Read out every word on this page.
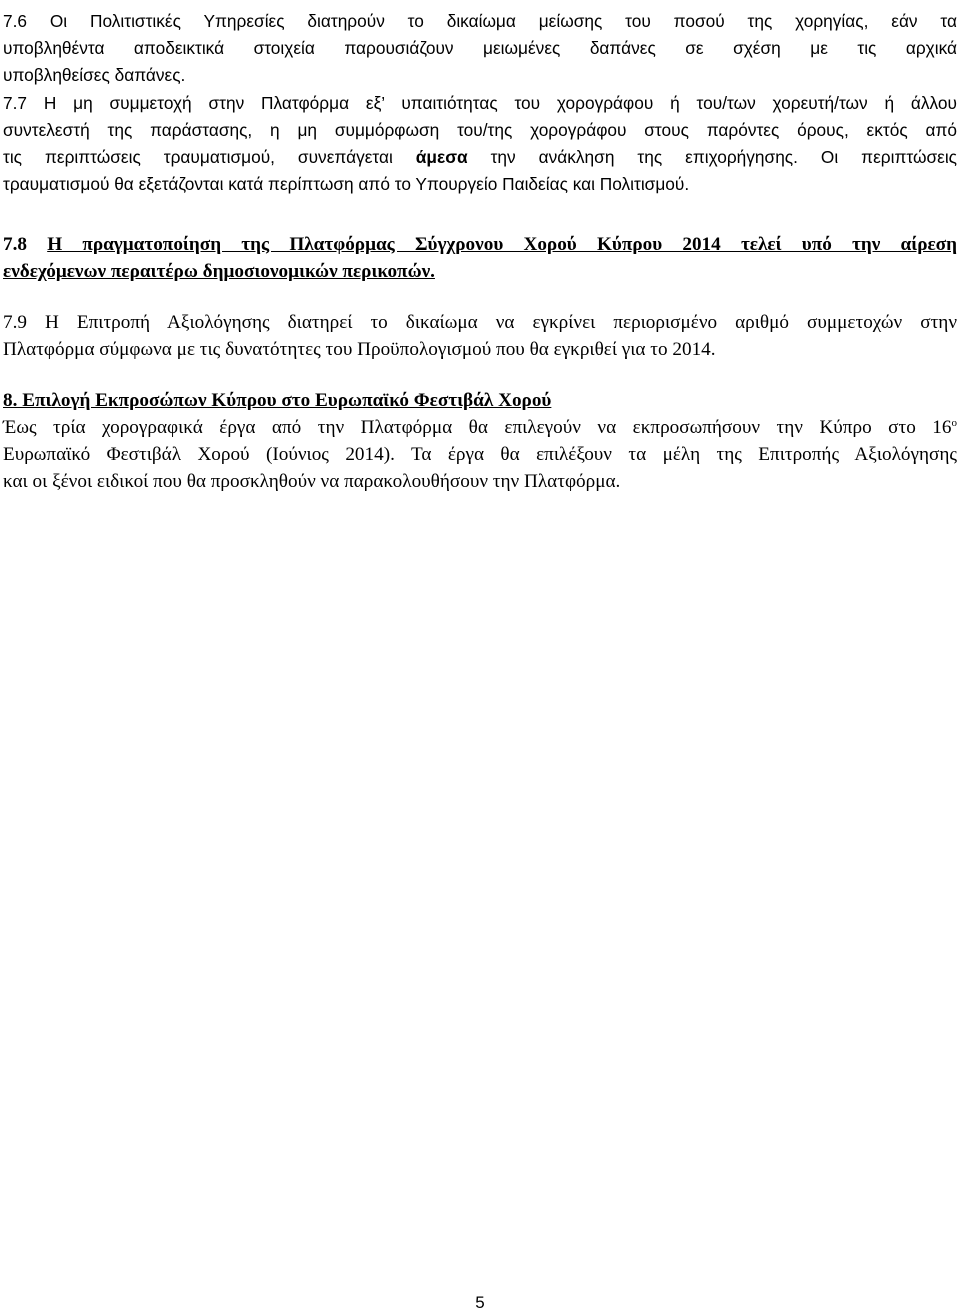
7.6 Οι Πολιτιστικές Υπηρεσίες διατηρούν το δικαίωμα μείωσης του ποσού της χορηγίας, εάν τα
υποβληθέντα αποδεικτικά στοιχεία παρουσιάζουν μειωμένες δαπάνες σε σχέση με τις αρχικά
υποβληθείσες δαπάνες.
7.7 Η μη συμμετοχή στην Πλατφόρμα εξ’ υπαιτιότητας του χορογράφου ή του/των χορευτή/των ή άλλου
συντελεστή της παράστασης, η μη συμμόρφωση του/της χορογράφου στους παρόντες όρους, εκτός από
τις περιπτώσεις τραυματισμού, συνεπάγεται άμεσα την ανάκληση της επιχορήγησης. Οι περιπτώσεις
τραυματισμού θα εξετάζονται κατά περίπτωση από το Υπουργείο Παιδείας και Πολιτισμού.
7.8 Η πραγματοποίηση της Πλατφόρμας Σύγχρονου Χορού Κύπρου 2014 τελεί υπό την αίρεση
ενδεχόμενων περαιτέρω δημοσιονομικών περικοπών.
7.9 Η Επιτροπή Αξιολόγησης διατηρεί το δικαίωμα να εγκρίνει περιορισμένο αριθμό συμμετοχών στην
Πλατφόρμα σύμφωνα με τις δυνατότητες του Προϋπολογισμού που θα εγκριθεί για το 2014.
8. Επιλογή Εκπροσώπων Κύπρου στο Ευρωπαϊκό Φεστιβάλ Χορού
Έως τρία χορογραφικά έργα από την Πλατφόρμα θα επιλεγούν να εκπροσωπήσουν την Κύπρο στο $16^o$
Ευρωπαϊκό Φεστιβάλ Χορού (Ιούνιος 2014). Τα έργα θα επιλέξουν τα μέλη της Επιτροπής Αξιολόγησης
και οι ξένοι ειδικοί που θα προσκληθούν να παρακολουθήσουν την Πλατφόρμα.
5
